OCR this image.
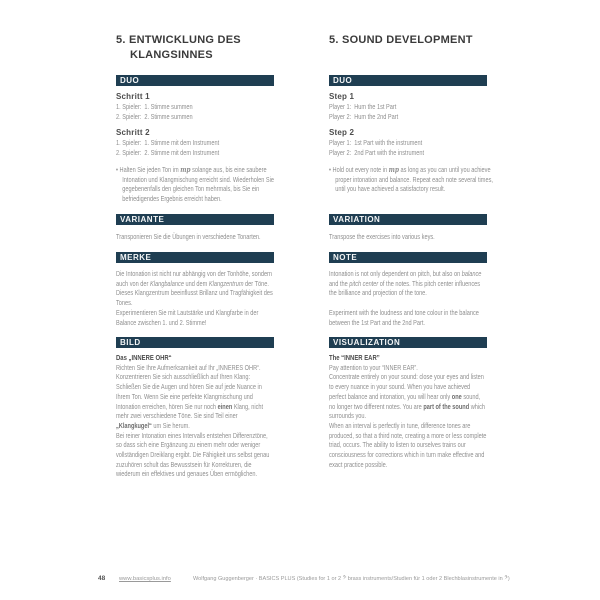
5. ENTWICKLUNG DES
KLANGSINNES
DUO
Schritt 1
1. Spieler:  1. Stimme summen
2. Spieler:  2. Stimme summen
Schritt 2
1. Spieler:  1. Stimme mit dem Instrument
2. Spieler:  2. Stimme mit dem Instrument
• Halten Sie jeden Ton im mp solange aus, bis eine saubere Intonation und Klangmischung erreicht sind. Wiederholen Sie gegebenenfalls den gleichen Ton mehrmals, bis Sie ein befriedigendes Ergebnis erreicht haben.
VARIANTE
Transponieren Sie die Übungen in verschiedene Tonarten.
MERKE
Die Intonation ist nicht nur abhängig von der Tonhöhe, sondern auch von der Klangbalance und dem Klangzentrum der Töne. Dieses Klangzentrum beeinflusst Brillanz und Tragfähigkeit des Tones.
Experimentieren Sie mit Lautstärke und Klangfarbe in der Balance zwischen 1. und 2. Stimme!
BILD
Das „INNERE OHR“
Richten Sie Ihre Aufmerksamkeit auf Ihr „INNERES OHR“. Konzentrieren Sie sich ausschließlich auf Ihren Klang: Schließen Sie die Augen und hören Sie auf jede Nuance in Ihrem Ton. Wenn Sie eine perfekte Klangmischung und Intonation erreichen, hören Sie nur noch einen Klang, nicht mehr zwei verschiedene Töne. Sie sind Teil einer „Klangkugel“ um Sie herum.
Bei reiner Intonation eines Intervalls entstehen Differenztöne, so dass sich eine Ergänzung zu einem mehr oder weniger vollständigen Dreiklang ergibt. Die Fähigkeit uns selbst genau zuzuhören schult das Bewusstsein für Korrekturen, die wiederum ein effektives und genaues Üben ermöglichen.
5. SOUND DEVELOPMENT
DUO
Step 1
Player 1:  Hum the 1st Part
Player 2:  Hum the 2nd Part
Step 2
Player 1:  1st Part with the instrument
Player 2:  2nd Part with the instrument
• Hold out every note in mp as long as you can until you achieve proper intonation and balance. Repeat each note several times, until you have achieved a satisfactory result.
VARIATION
Transpose the exercises into various keys.
NOTE
Intonation is not only dependent on pitch, but also on balance and the pitch center of the notes. This pitch center influences the brilliance and projection of the tone.
Experiment with the loudness and tone colour in the balance between the 1st Part and the 2nd Part.
VISUALIZATION
The “INNER EAR”
Pay attention to your “INNER EAR”.
Concentrate entirely on your sound: close your eyes and listen to every nuance in your sound. When you have achieved perfect balance and intonation, you will hear only one sound, no longer two different notes. You are part of the sound which surrounds you.
When an interval is perfectly in tune, difference tones are produced, so that a third note, creating a more or less complete triad, occurs. The ability to listen to ourselves trains our consciousness for corrections which in turn make effective and exact practice possible.
48 www.basicsplus.info	Wolfgang Guggenberger · BASICS PLUS (Studies for 1 or 2 𝄢 brass instruments/Studien für 1 oder 2 Blechblasinstrumente in 𝄢)
